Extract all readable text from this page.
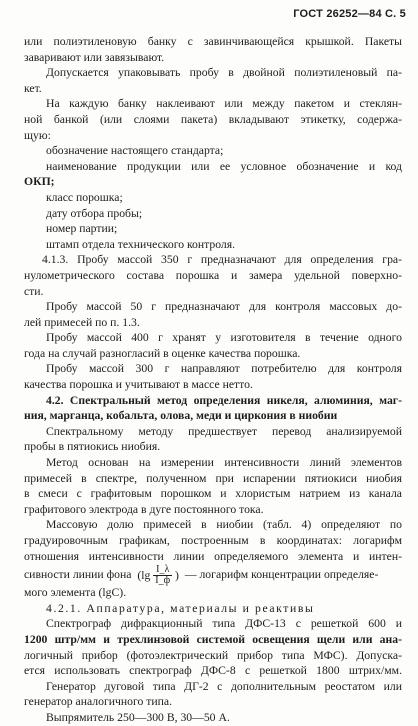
ГОСТ 26252—84 С. 5
или полиэтиленовую банку с завинчивающейся крышкой. Пакеты
заваривают или завязывают.
Допускается упаковывать пробу в двойной полиэтиленовый па-
кет.
На каждую банку наклеивают или между пакетом и стеклян-
ной банкой (или слоями пакета) вкладывают этикетку, содержа-
щую:
обозначение настоящего стандарта;
наименование продукции или ее условное обозначение и код
ОКП;
класс порошка;
дату отбора пробы;
номер партии;
штамп отдела технического контроля.
4.1.3. Пробу массой 350 г предназначают для определения гра-
нулометрического состава порошка и замера удельной поверхно-
сти.
Пробу массой 50 г предназначают для контроля массовых до-
лей примесей по п. 1.3.
Пробу массой 400 г хранят у изготовителя в течение одного
года на случай разногласий в оценке качества порошка.
Пробу массой 300 г направляют потребителю для контроля
качества порошка и учитывают в массе нетто.
4.2. Спектральный метод определения никеля, алюминия, маг-
ния, марганца, кобальта, олова, меди и циркония в ниобии
Спектральному методу предшествует перевод анализируемой
пробы в пятиокись ниобия.
Метод основан на измерении интенсивности линий элементов
примесей в спектре, полученном при испарении пятиокиси ниобия
в смеси с графитовым порошком и хлористым натрием из канала
графитового электрода в дуге постоянного тока.
Массовую долю примесей в ниобии (табл. 4) определяют по
градуировочным графикам, построенным в координатах: логарифм
отношения интенсивности линии определяемого элемента и интен-
сивности линии фона ($\lg \frac{I\_\lambda}{I\_ф}$ ) — логарифм концентрации определяе-
мого элемента (lgC).
4.2.1. Аппаратура, материалы и реактивы
Спектрограф дифракционный типа ДФС-13 с решеткой 600 и
1200 штр/мм и трехлинзовой системой освещения щели или ана-
логичный прибор (фотоэлектрический прибор типа МФС). Допуска-
ется использовать спектрограф ДФС-8 с решеткой 1800 штрих/мм.
Генератор дуговой типа ДГ-2 с дополнительным реостатом или
генератор аналогичного типа.
Выпрямитель 250—300 В, 30—50 А.
